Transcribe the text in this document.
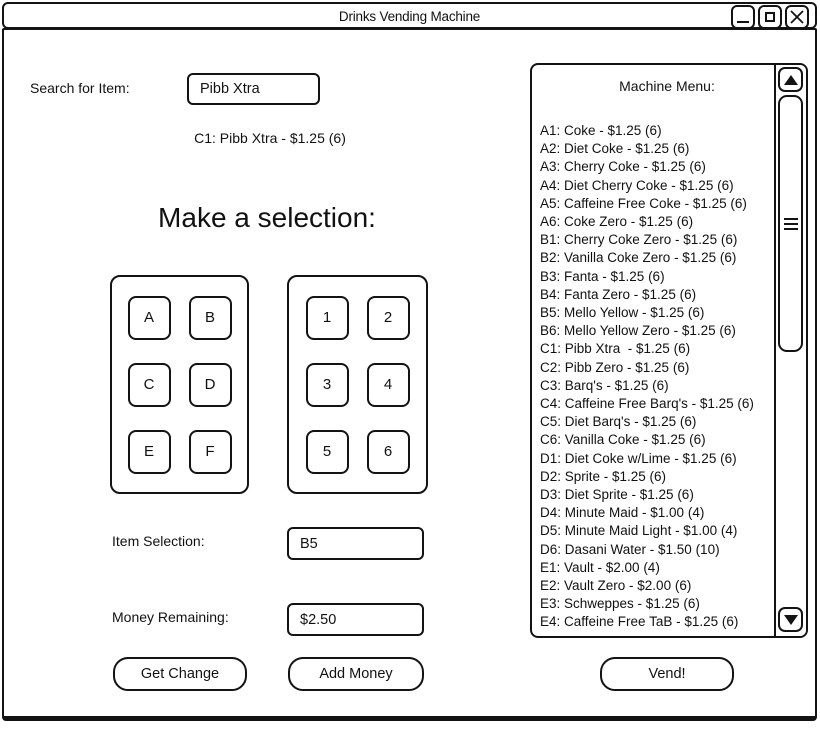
Drinks Vending Machine
Search for Item:
Pibb Xtra
C1: Pibb Xtra - $1.25 (6)
Make a selection:
A	B
C	D
E	F
1	2
3	4
5	6
Item Selection:
B5
Money Remaining:
$2.50
Get Change	Add Money	Vend!
Machine Menu:
A1: Coke - $1.25 (6)
A2: Diet Coke - $1.25 (6)
A3: Cherry Coke - $1.25 (6)
A4: Diet Cherry Coke - $1.25 (6)
A5: Caffeine Free Coke - $1.25 (6)
A6: Coke Zero - $1.25 (6)
B1: Cherry Coke Zero - $1.25 (6)
B2: Vanilla Coke Zero - $1.25 (6)
B3: Fanta - $1.25 (6)
B4: Fanta Zero - $1.25 (6)
B5: Mello Yellow - $1.25 (6)
B6: Mello Yellow Zero - $1.25 (6)
C1: Pibb Xtra  - $1.25 (6)
C2: Pibb Zero - $1.25 (6)
C3: Barq's - $1.25 (6)
C4: Caffeine Free Barq's - $1.25 (6)
C5: Diet Barq's - $1.25 (6)
C6: Vanilla Coke - $1.25 (6)
D1: Diet Coke w/Lime - $1.25 (6)
D2: Sprite - $1.25 (6)
D3: Diet Sprite - $1.25 (6)
D4: Minute Maid - $1.00 (4)
D5: Minute Maid Light - $1.00 (4)
D6: Dasani Water - $1.50 (10)
E1: Vault - $2.00 (4)
E2: Vault Zero - $2.00 (6)
E3: Schweppes - $1.25 (6)
E4: Caffeine Free TaB - $1.25 (6)
